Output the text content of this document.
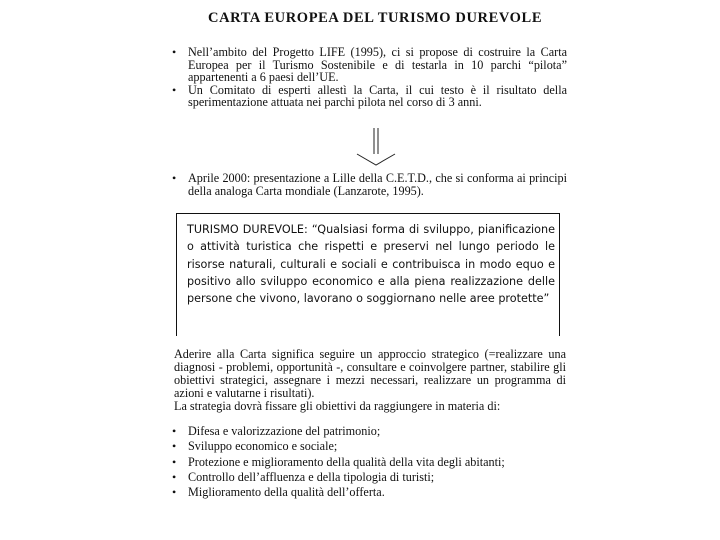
CARTA EUROPEA DEL TURISMO DUREVOLE
• Nell’ambito del Progetto LIFE (1995), ci si propose di costruire la Carta Europea per il Turismo Sostenibile e di testarla in 10 parchi “pilota” appartenenti a 6 paesi dell’UE.
• Un Comitato di esperti allestì la Carta, il cui testo è il risultato della sperimentazione attuata nei parchi pilota nel corso di 3 anni.
• Aprile 2000: presentazione a Lille della C.E.T.D., che si conforma ai principi della analoga Carta mondiale (Lanzarote, 1995).
TURISMO DUREVOLE: “Qualsiasi forma di sviluppo, pianificazione o attività turistica che rispetti e preservi nel lungo periodo le risorse naturali, culturali e sociali e contribuisca in modo equo e positivo allo sviluppo economico e alla piena realizzazione delle persone che vivono, lavorano o soggiornano nelle aree protette”

Aderire alla Carta significa seguire un approccio strategico (=realizzare una diagnosi - problemi, opportunità -, consultare e coinvolgere partner, stabilire gli obiettivi strategici, assegnare i mezzi necessari, realizzare un programma di azioni e valutarne i risultati).

La strategia dovrà fissare gli obiettivi da raggiungere in materia di:

• Difesa e valorizzazione del patrimonio;
• Sviluppo economico e sociale;
• Protezione e miglioramento della qualità della vita degli abitanti;
• Controllo dell’affluenza e della tipologia di turisti;
• Miglioramento della qualità dell’offerta.
